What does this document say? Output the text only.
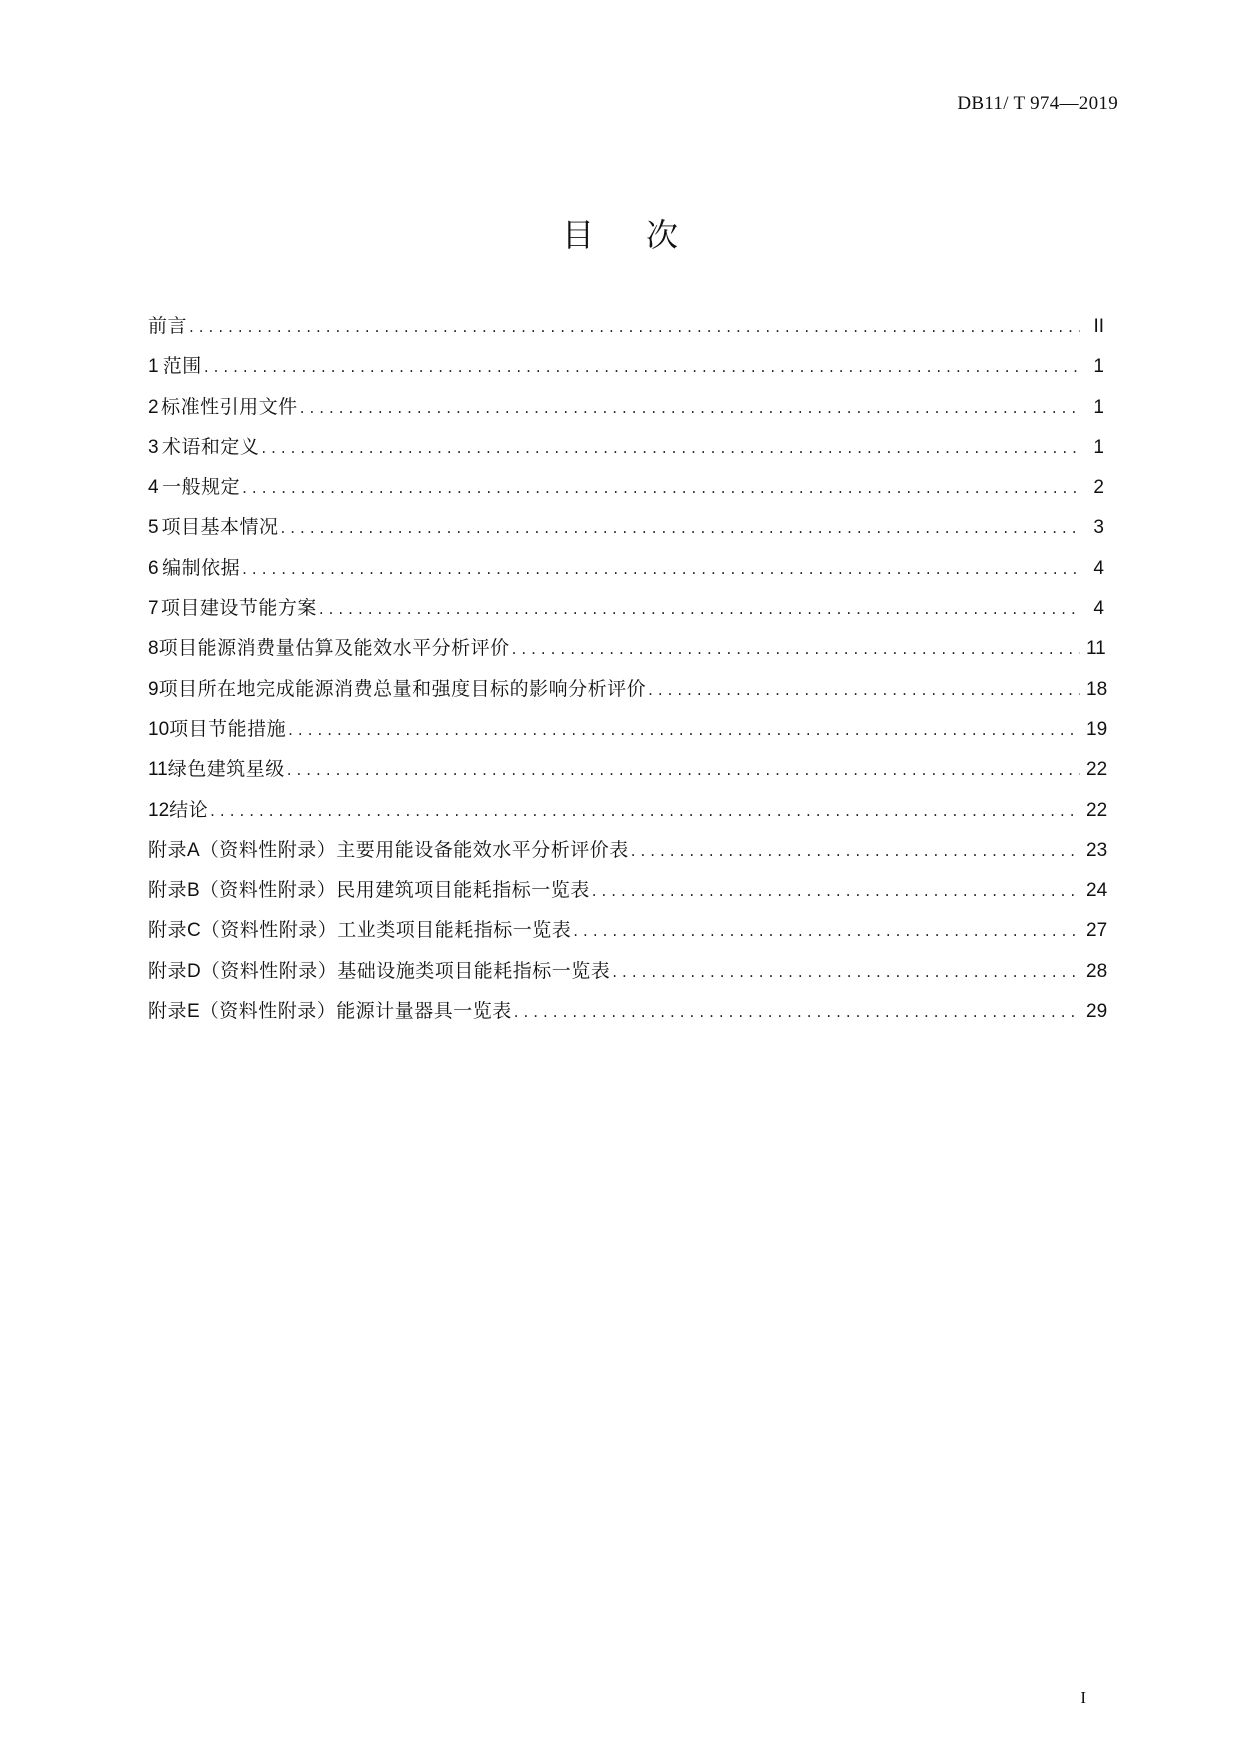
DB11/ T 974—2019
目次
前言 .....	II
1 范围 .....	1
2 标准性引用文件 .....	1
3 术语和定义 .....	1
4 一般规定 .....	2
5 项目基本情况 .....	3
6 编制依据 .....	4
7 项目建设节能方案 .....	4
8 项目能源消费量估算及能效水平分析评价 .....	11
9 项目所在地完成能源消费总量和强度目标的影响分析评价 .....	18
10 项目节能措施 .....	19
11 绿色建筑星级 .....	22
12 结论 .....	22
附录 A （资料性附录） 主要用能设备能效水平分析评价表 .....	23
附录 B （资料性附录） 民用建筑项目能耗指标一览表 .....	24
附录 C （资料性附录） 工业类项目能耗指标一览表 .....	27
附录 D （资料性附录） 基础设施类项目能耗指标一览表 .....	28
附录 E （资料性附录） 能源计量器具一览表 .....	29
I
